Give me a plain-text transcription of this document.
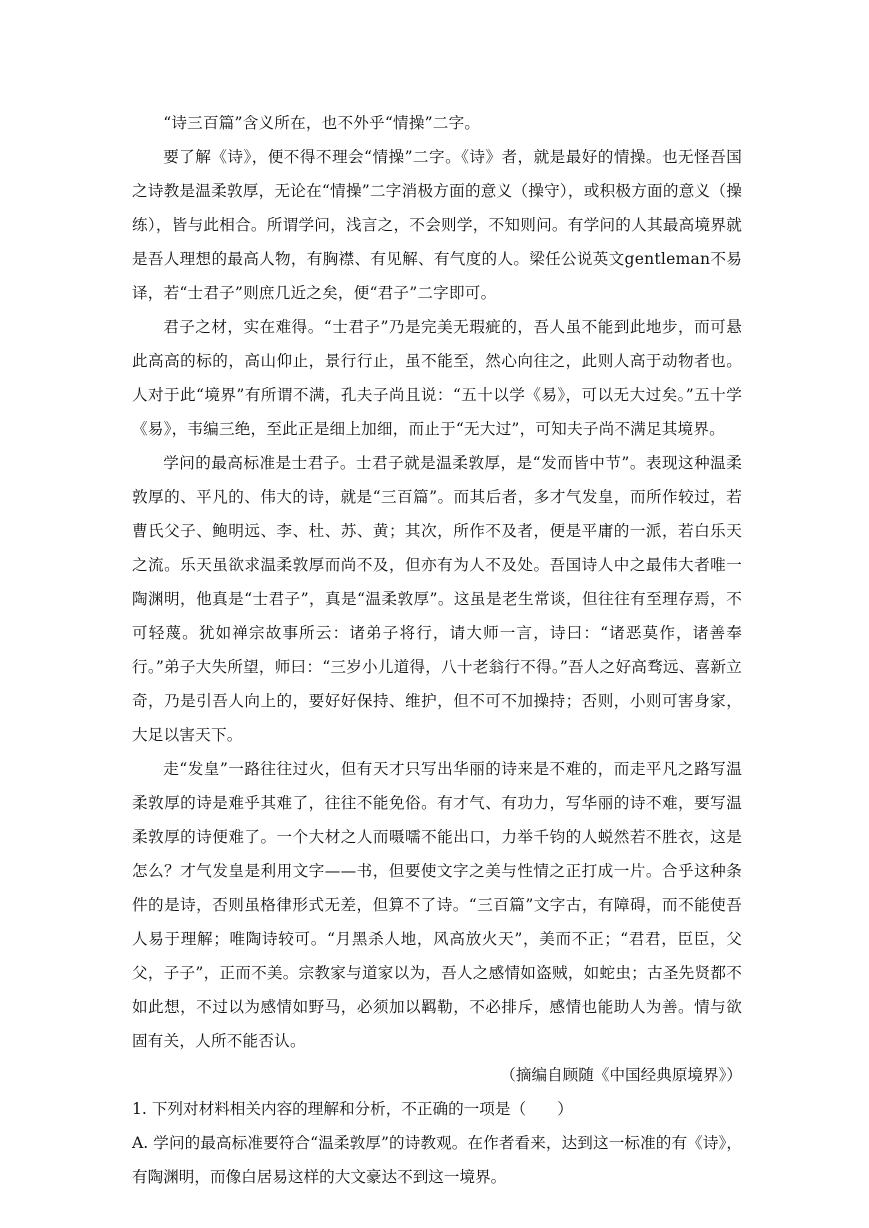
“诗三百篇”含义所在，也不外乎“情操”二字。

要了解《诗》，便不得不理会“情操”二字。《诗》者，就是最好的情操。也无怪吾国之诗教是温柔敦厚，无论在“情操”二字消极方面的意义（操守），或积极方面的意义（操练），皆与此相合。所谓学问，浅言之，不会则学，不知则问。有学问的人其最高境界就是吾人理想的最高人物，有胸襟、有见解、有气度的人。梁任公说英文gentleman不易译，若“士君子”则庶几近之矣，便“君子”二字即可。

君子之材，实在难得。“士君子”乃是完美无瑕疵的，吾人虽不能到此地步，而可悬此高高的标的，高山仰止，景行行止，虽不能至，然心向往之，此则人高于动物者也。人对于此“境界”有所谓不满，孔夫子尚且说：“五十以学《易》，可以无大过矣。”五十学《易》，韦编三绝，至此正是细上加细，而止于“无大过”，可知夫子尚不满足其境界。

学问的最高标准是士君子。士君子就是温柔敦厚，是“发而皆中节”。表现这种温柔敦厚的、平凡的、伟大的诗，就是“三百篇”。而其后者，多才气发皇，而所作较过，若曹氏父子、鲍明远、李、杜、苏、黄；其次，所作不及者，便是平庸的一派，若白乐天之流。乐天虽欲求温柔敦厚而尚不及，但亦有为人不及处。吾国诗人中之最伟大者唯一陶渊明，他真是“士君子”，真是“温柔敦厚”。这虽是老生常谈，但往往有至理存焉，不可轻蔑。犹如禅宗故事所云：诸弟子将行，请大师一言，诗曰：“诸恶莫作，诸善奉行。”弟子大失所望，师曰：“三岁小儿道得，八十老翁行不得。”吾人之好高骛远、喜新立奇，乃是引吾人向上的，要好好保持、维护，但不可不加操持；否则，小则可害身家，大足以害天下。

走“发皇”一路往往过火，但有天才只写出华丽的诗来是不难的，而走平凡之路写温柔敦厚的诗是难乎其难了，往往不能免俗。有才气、有功力，写华丽的诗不难，要写温柔敦厚的诗便难了。一个大材之人而嗫嚅不能出口，力举千钧的人蜕然若不胜衣，这是怎么？才气发皇是利用文字——书，但要使文字之美与性情之正打成一片。合乎这种条件的是诗，否则虽格律形式无差，但算不了诗。“三百篇”文字古，有障碍，而不能使吾人易于理解；唯陶诗较可。“月黑杀人地，风高放火天”，美而不正；“君君，臣臣，父父，子子”，正而不美。宗教家与道家以为，吾人之感情如盗贼，如蛇虫；古圣先贤都不如此想，不过以为感情如野马，必须加以羁勒，不必排斥，感情也能助人为善。情与欲固有关，人所不能否认。

（摘编自顾随《中国经典原境界》）

1. 下列对材料相关内容的理解和分析，不正确的一项是（　　）

A. 学问的最高标准要符合“温柔敦厚”的诗教观。在作者看来，达到这一标准的有《诗》，有陶渊明，而像白居易这样的大文豪达不到这一境界。
